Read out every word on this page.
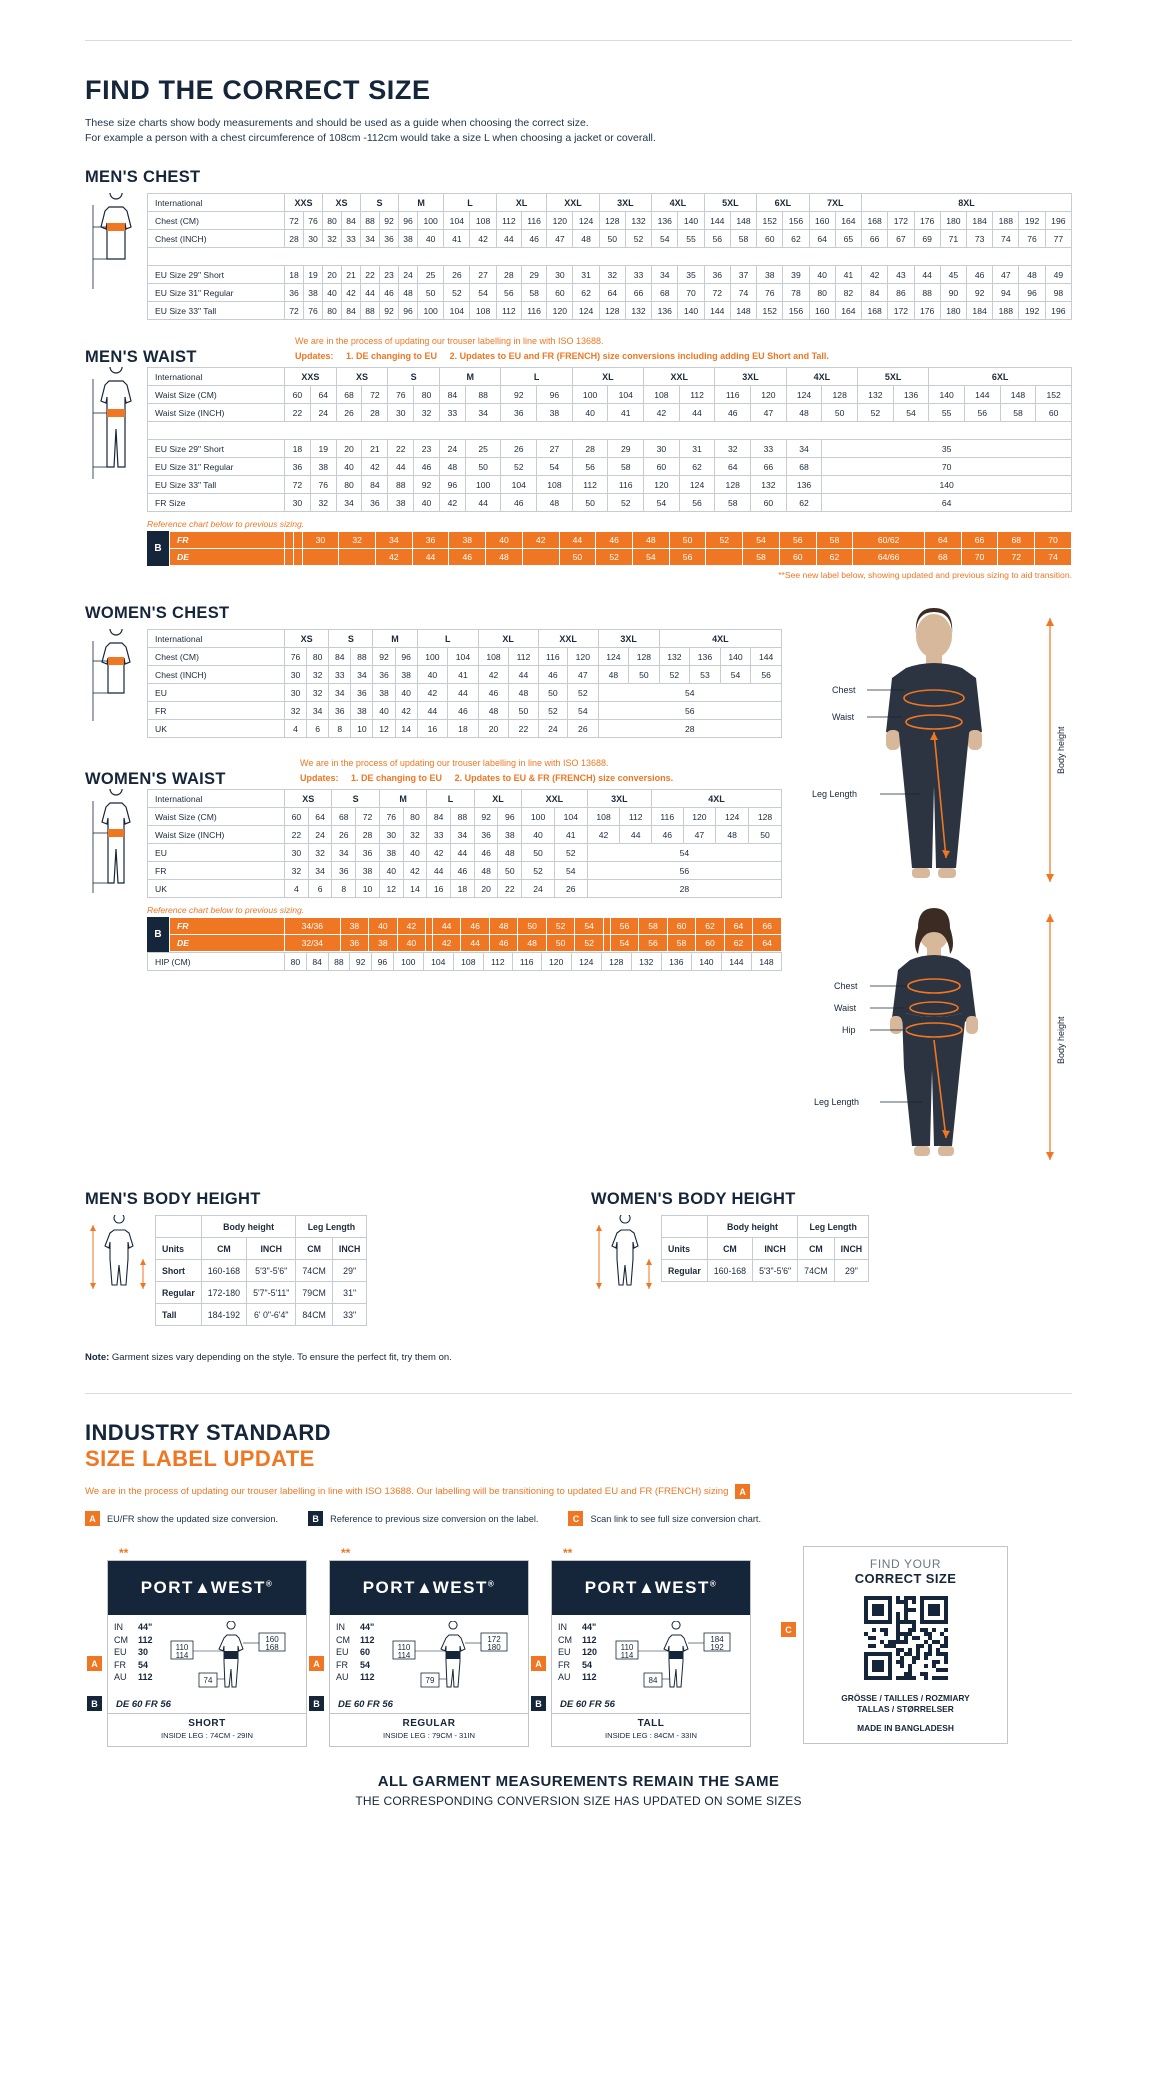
FIND THE CORRECT SIZE
These size charts show body measurements and should be used as a guide when choosing the correct size.
For example a person with a chest circumference of 108cm -112cm would take a size L when choosing a jacket or coverall.
MEN'S CHEST
International	XXS		XS		S		M		L		XL		XXL		3XL		4XL		5XL		6XL		7XL		8XL							
Chest (CM)	72	76	80	84	88	92	96	100	104	108	112	116	120	124	128	132	136	140	144	148	152	156	160	164	168	172	176	180	184	188	192	196
Chest (INCH)	28	30	32	33	34	36	38	40	41	42	44	46	47	48	50	52	54	55	56	58	60	62	64	65	66	67	69	71	73	74	76	77

EU Size 29" Short	18	19	20	21	22	23	24	25	26	27	28	29	30	31	32	33	34	35	36	37	38	39	40	41	42	43	44	45	46	47	48	49
EU Size 31" Regular	36	38	40	42	44	46	48	50	52	54	56	58	60	62	64	66	68	70	72	74	76	78	80	82	84	86	88	90	92	94	96	98
EU Size 33" Tall	72	76	80	84	88	92	96	100	104	108	112	116	120	124	128	132	136	140	144	148	152	156	160	164	168	172	176	180	184	188	192	196
MEN'S WAIST
We are in the process of updating our trouser labelling in line with ISO 13688.
Updates: 1. DE changing to EU 2. Updates to EU and FR (FRENCH) size conversions including adding EU Short and Tall.
International	XXS		XS		S		M		L		XL		XXL		3XL		4XL		5XL		6XL			
Waist Size (CM)	60	64	68	72	76	80	84	88	92	96	100	104	108	112	116	120	124	128	132	136	140	144	148	152
Waist Size (INCH)	22	24	26	28	30	32	33	34	36	38	40	41	42	44	46	47	48	50	52	54	55	56	58	60

EU Size 29" Short	18	19	20	21	22	23	24	25	26	27	28	29	30	31	32	33	34	35						
EU Size 31" Regular	36	38	40	42	44	46	48	50	52	54	56	58	60	62	64	66	68	70						
EU Size 33" Tall	72	76	80	84	88	92	96	100	104	108	112	116	120	124	128	132	136	140						
FR Size	30	32	34	36	38	40	42	44	46	48	50	52	54	56	58	60	62	64						
Reference chart below to previous sizing.
B
FR			30	32	34	36	38	40	42	44	46	48	50	52	54	56	58	60/62	64	66	68	70
DE					42	44	46	48		50	52	54	56		58	60	62	64/66	68	70	72	74
**See new label below, showing updated and previous sizing to aid transition.
WOMEN'S CHEST
International	XS		S		M		L		XL		XXL		3XL		4XL			
Chest (CM)	76	80	84	88	92	96	100	104	108	112	116	120	124	128	132	136	140	144
Chest (INCH)	30	32	33	34	36	38	40	41	42	44	46	47	48	50	52	53	54	56
EU	30	32	34	36	38	40	42	44	46	48	50	52	54					
FR	32	34	36	38	40	42	44	46	48	50	52	54	56					
UK	4	6	8	10	12	14	16	18	20	22	24	26	28					
WOMEN'S WAIST
We are in the process of updating our trouser labelling in line with ISO 13688.
Updates: 1. DE changing to EU 2. Updates to EU & FR (FRENCH) size conversions.
International	XS		S		M		L		XL		XXL		3XL		4XL			
Waist Size (CM)	60	64	68	72	76	80	84	88	92	96	100	104	108	112	116	120	124	128
Waist Size (INCH)	22	24	26	28	30	32	33	34	36	38	40	41	42	44	46	47	48	50
EU	30	32	34	36	38	40	42	44	46	48	50	52	54					
FR	32	34	36	38	40	42	44	46	48	50	52	54	56					
UK	4	6	8	10	12	14	16	18	20	22	24	26	28					
Reference chart below to previous sizing.
B
FR	34/36	38	40	42		44	46	48	50	52	54		56	58	60	62	64	66
DE	32/34	36	38	40		42	44	46	48	50	52		54	56	58	60	62	64
HIP (CM)	80	84	88	92	96	100	104	108	112	116	120	124	128	132	136	140	144	148
Chest
Waist
Leg Length
Body height
Chest
Waist
Hip
Leg Length
Body height
MEN'S BODY HEIGHT
	Body height		Leg Length	
Units	CM	INCH	CM	INCH
Short	160-168	5'3"-5'6"	74CM	29"
Regular	172-180	5'7"-5'11"	79CM	31"
Tall	184-192	6' 0"-6'4"	84CM	33"
WOMEN'S BODY HEIGHT
	Body height		Leg Length	
Units	CM	INCH	CM	INCH
Regular	160-168	5'3"-5'6"	74CM	29"
Note: Garment sizes vary depending on the style. To ensure the perfect fit, try them on.
INDUSTRY STANDARD
SIZE LABEL UPDATE
We are in the process of updating our trouser labelling in line with ISO 13688. Our labelling will be transitioning to updated EU and FR (FRENCH) sizing A
A	EU/FR show the updated size conversion.	B	Reference to previous size conversion on the label.	C	Scan link to see full size conversion chart.
**
PORT▲WEST®
IN	44"
CM	112
EU	30
FR	54
AU	112
110
114
160
168
74
DE 60 FR 56
SHORT
INSIDE LEG : 74CM - 29IN
A
B
**
PORT▲WEST®
IN	44"
CM	112
EU	60
FR	54
AU	112
110
114
172
180
79
DE 60 FR 56
REGULAR
INSIDE LEG : 79CM - 31IN
A
B
**
PORT▲WEST®
IN	44"
CM	112
EU	120
FR	54
AU	112
110
114
184
192
84
DE 60 FR 56
TALL
INSIDE LEG : 84CM - 33IN
A
B
C
FIND YOUR
CORRECT SIZE
GRÖSSE / TAILLES / ROZMIARY
TALLAS / STØRRELSER
MADE IN BANGLADESH
ALL GARMENT MEASUREMENTS REMAIN THE SAME
THE CORRESPONDING CONVERSION SIZE HAS UPDATED ON SOME SIZES
